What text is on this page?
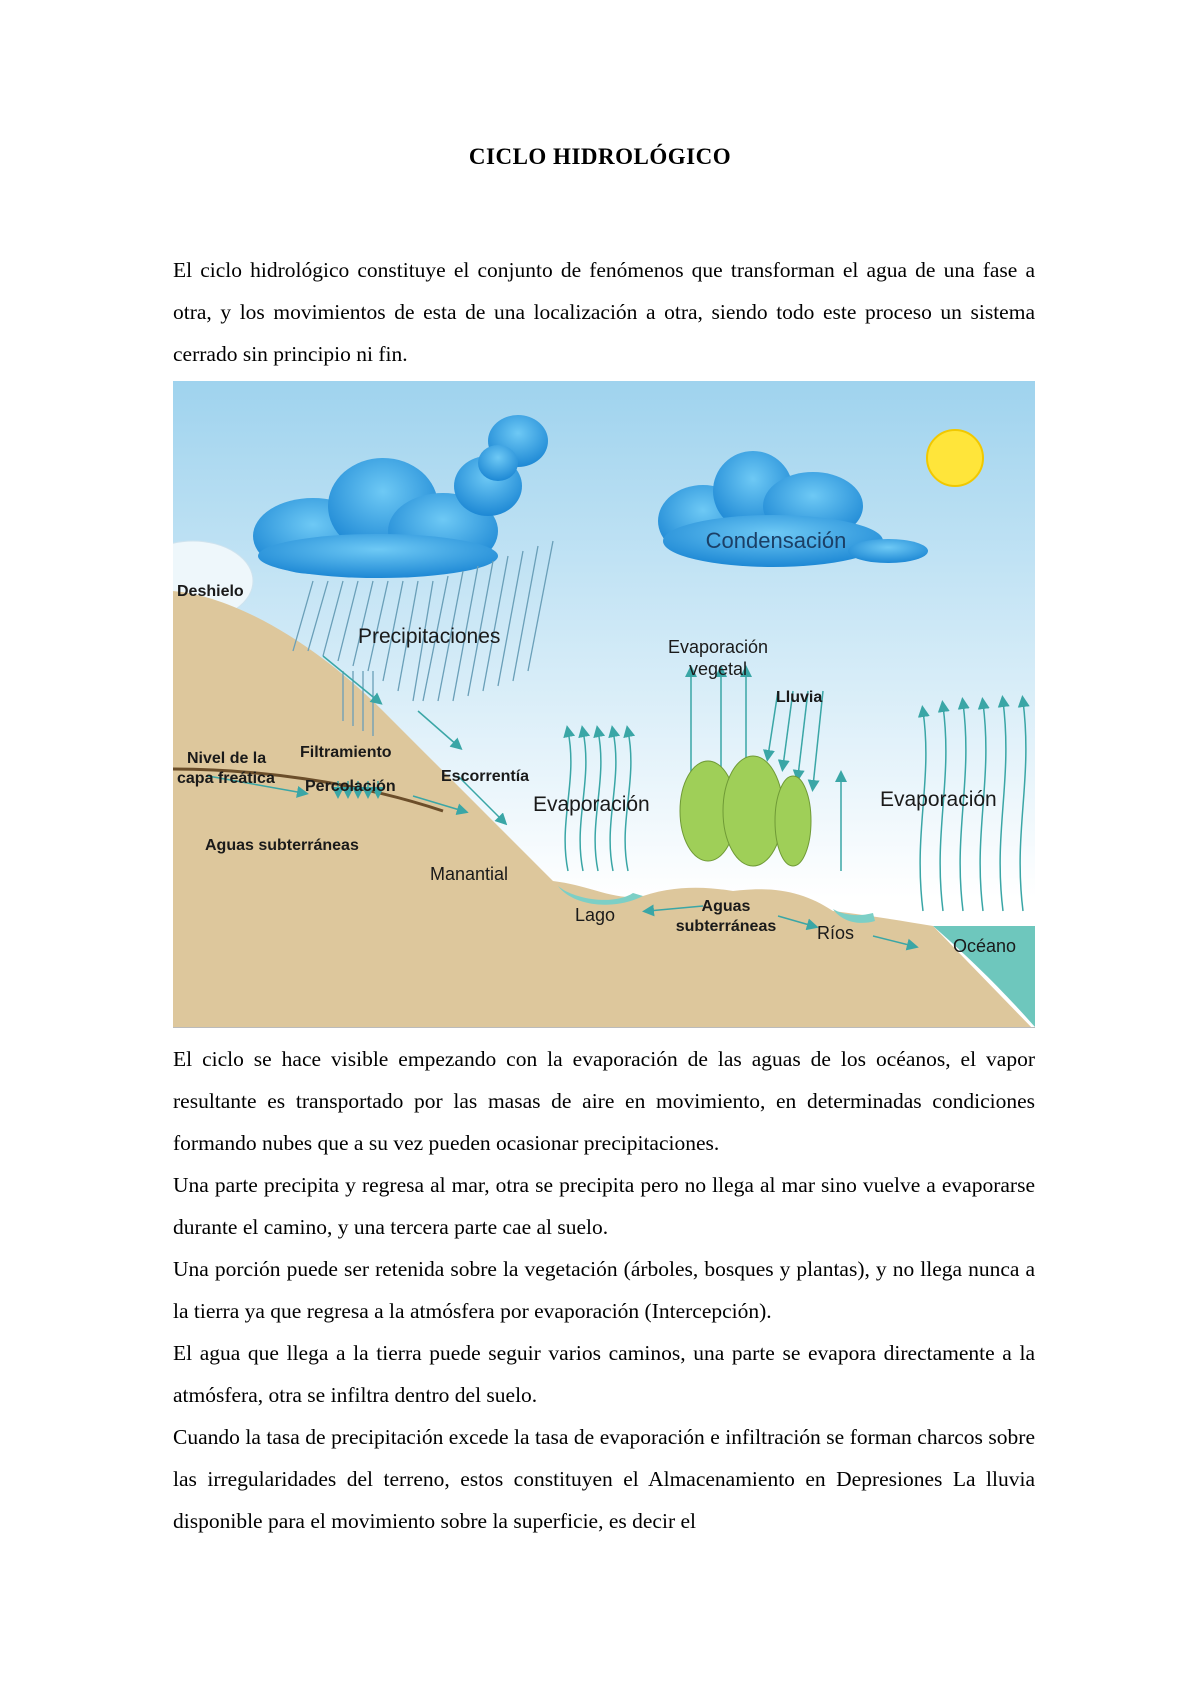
CICLO HIDROLÓGICO

El ciclo hidrológico constituye el conjunto de fenómenos que transforman el agua de una fase a otra, y los movimientos de esta de una localización a otra, siendo todo este proceso un sistema cerrado sin principio ni fin.

Condensación
Deshielo
Precipitaciones	Evaporación
vegetal
Lluvia
Nivel de la
capa freática
Filtramiento
Percolación
Escorrentía
Evaporación	Evaporación
Aguas subterráneas
Manantial
Lago	Aguas
subterráneas Ríos
Océano

El ciclo se hace visible empezando con la evaporación de las aguas de los océanos, el vapor resultante es transportado por las masas de aire en movimiento, en determinadas condiciones formando nubes que a su vez pueden ocasionar precipitaciones.

Una parte precipita y regresa al mar, otra se precipita pero no llega al mar sino vuelve a evaporarse durante el camino, y una tercera parte cae al suelo.

Una porción puede ser retenida sobre la vegetación (árboles, bosques y plantas), y no llega nunca a la tierra ya que regresa a la atmósfera por evaporación (Intercepción).

El agua que llega a la tierra puede seguir varios caminos, una parte se evapora directamente a la atmósfera, otra se infiltra dentro del suelo.

Cuando la tasa de precipitación excede la tasa de evaporación e infiltración se forman charcos sobre las irregularidades del terreno, estos constituyen el Almacenamiento en Depresiones La lluvia disponible para el movimiento sobre la superficie, es decir el
